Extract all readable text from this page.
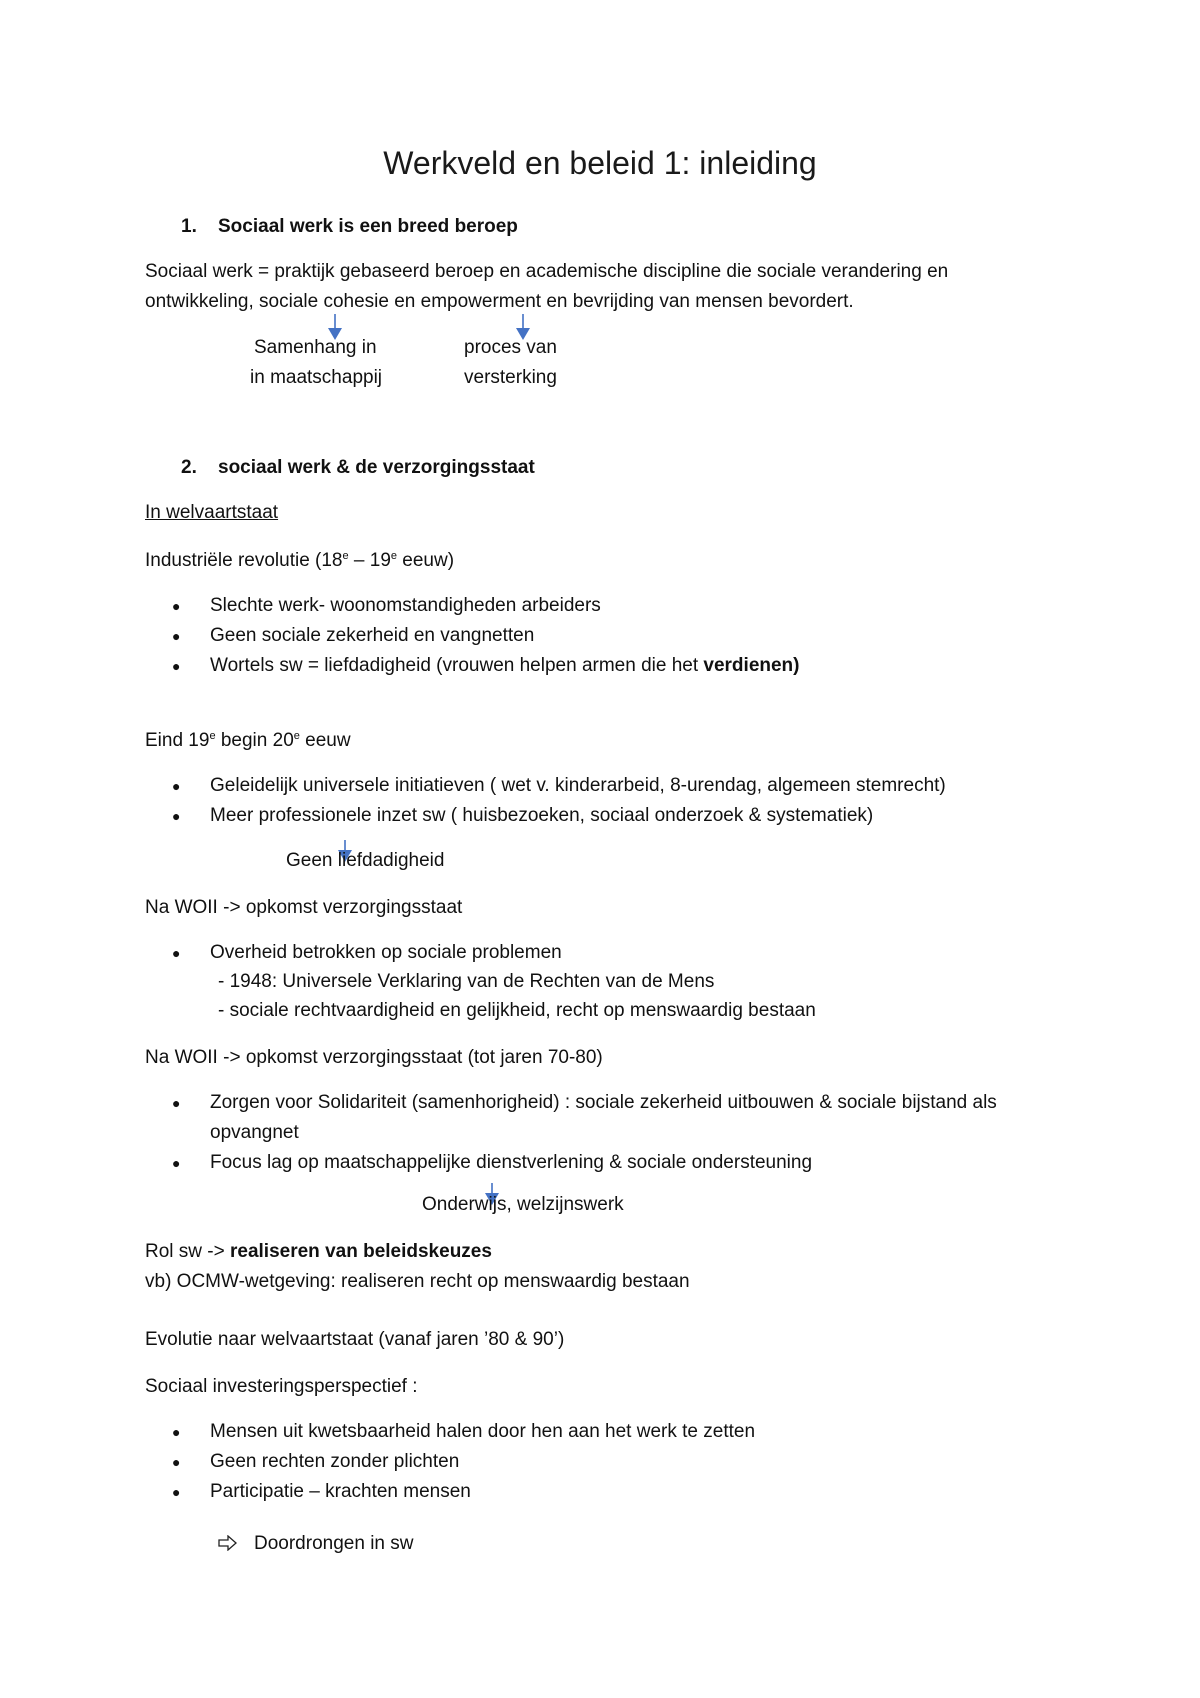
Werkveld en beleid 1: inleiding
1. Sociaal werk is een breed beroep
Sociaal werk = praktijk gebaseerd beroep en academische discipline die sociale verandering en
ontwikkeling, sociale cohesie en empowerment en bevrijding van mensen bevordert.
Samenhang in
in maatschappij
proces van
versterking
2. sociaal werk & de verzorgingsstaat
In welvaartstaat
Industriële revolutie (18e – 19e eeuw)
● Slechte werk- woonomstandigheden arbeiders
● Geen sociale zekerheid en vangnetten
● Wortels sw = liefdadigheid (vrouwen helpen armen die het verdienen)
Eind 19e begin 20e eeuw
● Geleidelijk universele initiatieven ( wet v. kinderarbeid, 8-urendag, algemeen stemrecht)
● Meer professionele inzet sw ( huisbezoeken, sociaal onderzoek & systematiek)
Geen liefdadigheid
Na WOII -> opkomst verzorgingsstaat
● Overheid betrokken op sociale problemen
- 1948: Universele Verklaring van de Rechten van de Mens
- sociale rechtvaardigheid en gelijkheid, recht op menswaardig bestaan
Na WOII -> opkomst verzorgingsstaat (tot jaren 70-80)
● Zorgen voor Solidariteit (samenhorigheid) : sociale zekerheid uitbouwen & sociale bijstand als
opvangnet
● Focus lag op maatschappelijke dienstverlening & sociale ondersteuning
Onderwijs, welzijnswerk
Rol sw -> realiseren van beleidskeuzes
vb) OCMW-wetgeving: realiseren recht op menswaardig bestaan
Evolutie naar welvaartstaat (vanaf jaren ’80 & 90’)
Sociaal investeringsperspectief :
● Mensen uit kwetsbaarheid halen door hen aan het werk te zetten
● Geen rechten zonder plichten
● Participatie – krachten mensen
Doordrongen in sw
